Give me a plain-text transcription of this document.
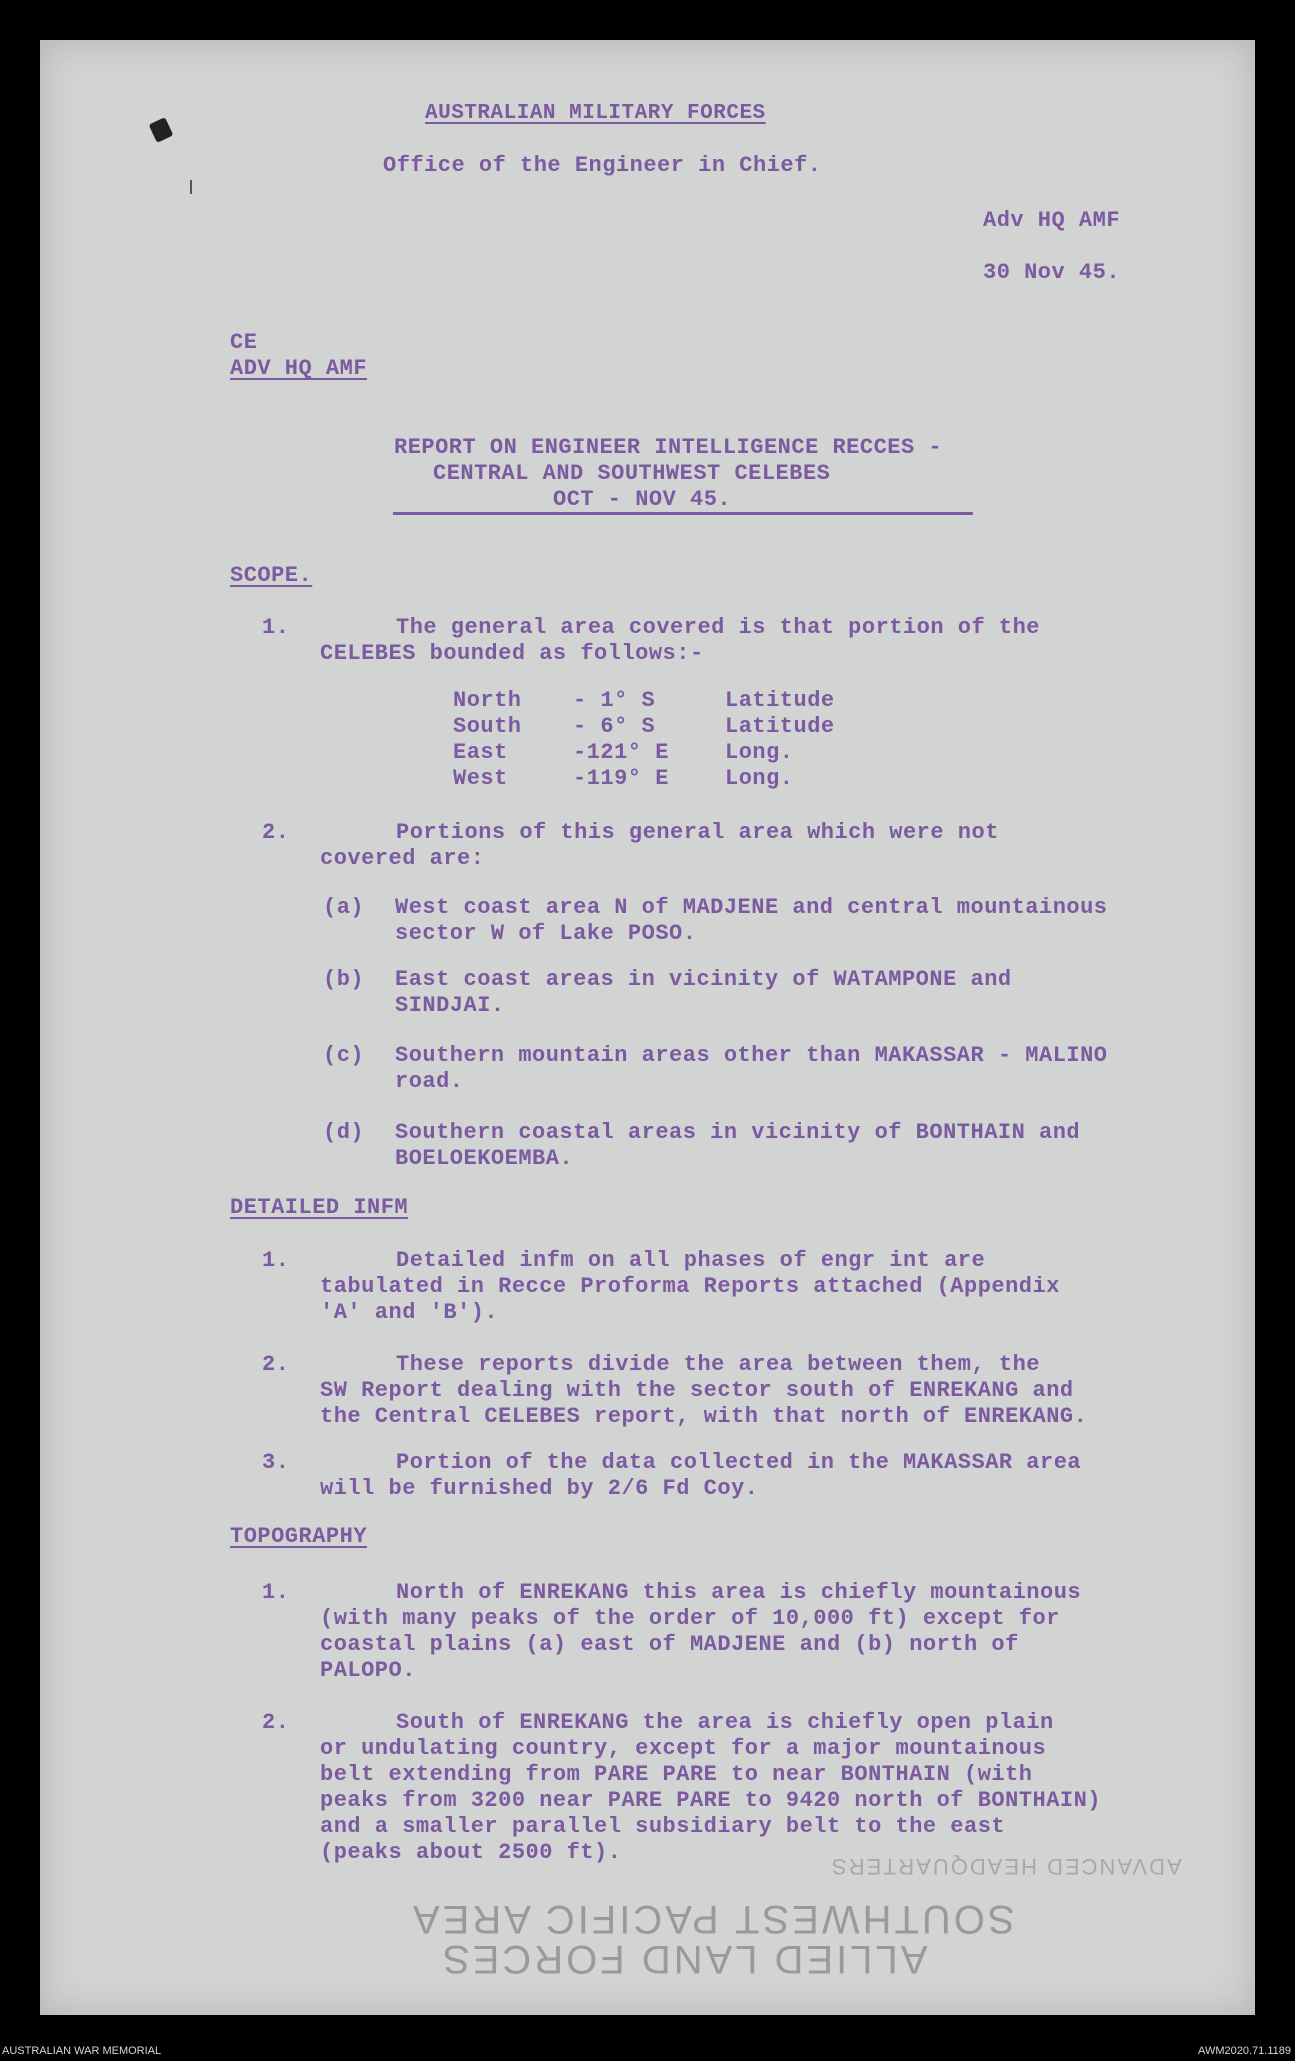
AUSTRALIAN MILITARY FORCES
Office of the Engineer in Chief.
Adv HQ AMF
30 Nov 45.
CE
ADV HQ AMF
REPORT ON ENGINEER INTELLIGENCE RECCES -
CENTRAL AND SOUTHWEST CELEBES
OCT - NOV 45.
SCOPE.
1.	The general area covered is that portion of the
CELEBES bounded as follows:-
North - 1° S	Latitude
South - 6° S	Latitude
East	-121° E	Long.
West	-119° E	Long.
2.	Portions of this general area which were not
covered are:
(a) West coast area N of MADJENE and central mountainous
sector W of Lake POSO.
(b) East coast areas in vicinity of WATAMPONE and
SINDJAI.
(c) Southern mountain areas other than MAKASSAR - MALINO
road.
(d) Southern coastal areas in vicinity of BONTHAIN and
BOELOEKOEMBA.
DETAILED INFM
1.	Detailed infm on all phases of engr int are
tabulated in Recce Proforma Reports attached (Appendix
'A' and 'B').
2.	These reports divide the area between them, the
SW Report dealing with the sector south of ENREKANG and
the Central CELEBES report, with that north of ENREKANG.
3.	Portion of the data collected in the MAKASSAR area
will be furnished by 2/6 Fd Coy.
TOPOGRAPHY
1.	North of ENREKANG this area is chiefly mountainous
(with many peaks of the order of 10,000 ft) except for
coastal plains (a) east of MADJENE and (b) north of
PALOPO.
2.	South of ENREKANG the area is chiefly open plain
or undulating country, except for a major mountainous
belt extending from PARE PARE to near BONTHAIN (with
peaks from 3200 near PARE PARE to 9420 north of BONTHAIN)
and a smaller parallel subsidiary belt to the east
(peaks about 2500 ft).
ADVANCED HEADQUARTERS
SOUTHWEST PACIFIC AREA
ALLIED LAND FORCES
AUSTRALIAN WAR MEMORIAL	AWM2020.71.1189
